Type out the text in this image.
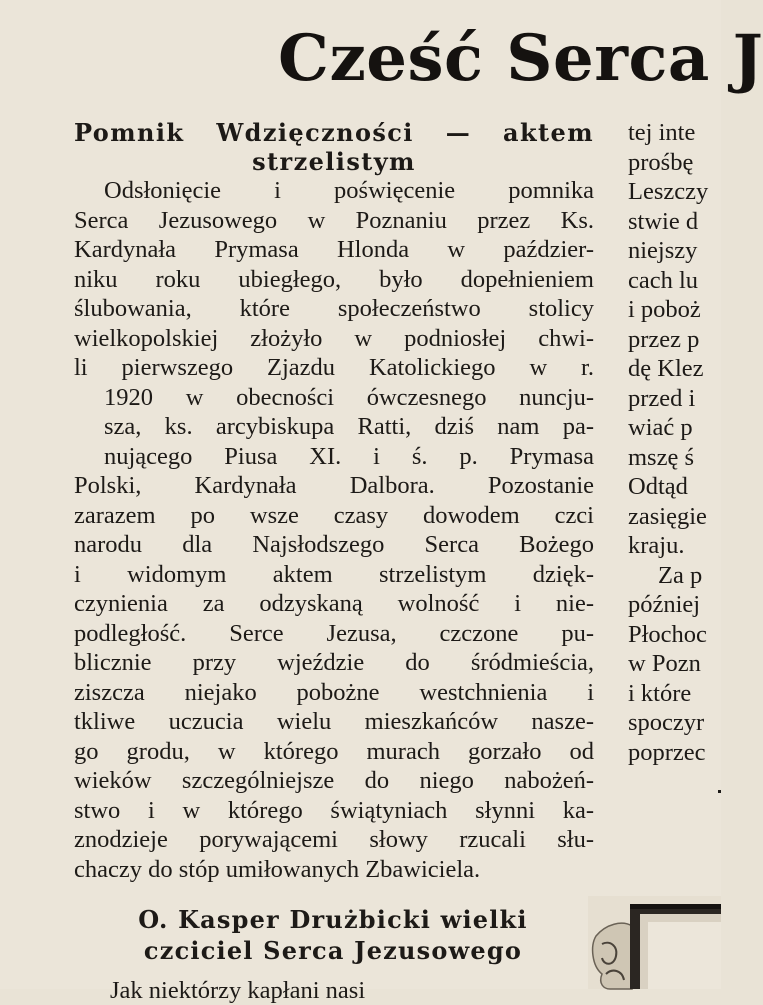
Cześć Serca J
Pomnik Wdzięczności — aktem
strzelistym
Odsłonięcie i poświęcenie pomnika
Serca Jezusowego w Poznaniu przez Ks.
Kardynała Prymasa Hlonda w paździer-
niku roku ubiegłego, było dopełnieniem
ślubowania, które społeczeństwo stolicy
wielkopolskiej złożyło w podniosłej chwi-
li pierwszego Zjazdu Katolickiego w r.
1920 w obecności ówczesnego nuncju-
sza, ks. arcybiskupa Ratti, dziś nam pa-
nującego Piusa XI. i ś. p. Prymasa
Polski, Kardynała Dalbora. Pozostanie
zarazem po wsze czasy dowodem czci
narodu dla Najsłodszego Serca Bożego
i widomym aktem strzelistym dzięk-
czynienia za odzyskaną wolność i nie-
podległość. Serce Jezusa, czczone pu-
blicznie przy wjeździe do śródmieścia,
ziszcza niejako pobożne westchnienia i
tkliwe uczucia wielu mieszkańców nasze-
go grodu, w którego murach gorzało od
wieków szczególniejsze do niego nabożeń-
stwo i w którego świątyniach słynni ka-
znodzieje porywającemi słowy rzucali słu-
chaczy do stóp umiłowanych Zbawiciela.
O. Kasper Drużbicki wielki
czciciel Serca Jezusowego
Jak niektórzy kapłani nasi
tej inte
prośbę
Leszczy
stwie d
niejszy
cach lu
i poboż
przez p
dę Klez
przed i
wiać p
mszę ś
Odtąd
zasięgie
kraju.
Za p
później
Płochoc
w Pozn
i które
spoczyr
poprzec
